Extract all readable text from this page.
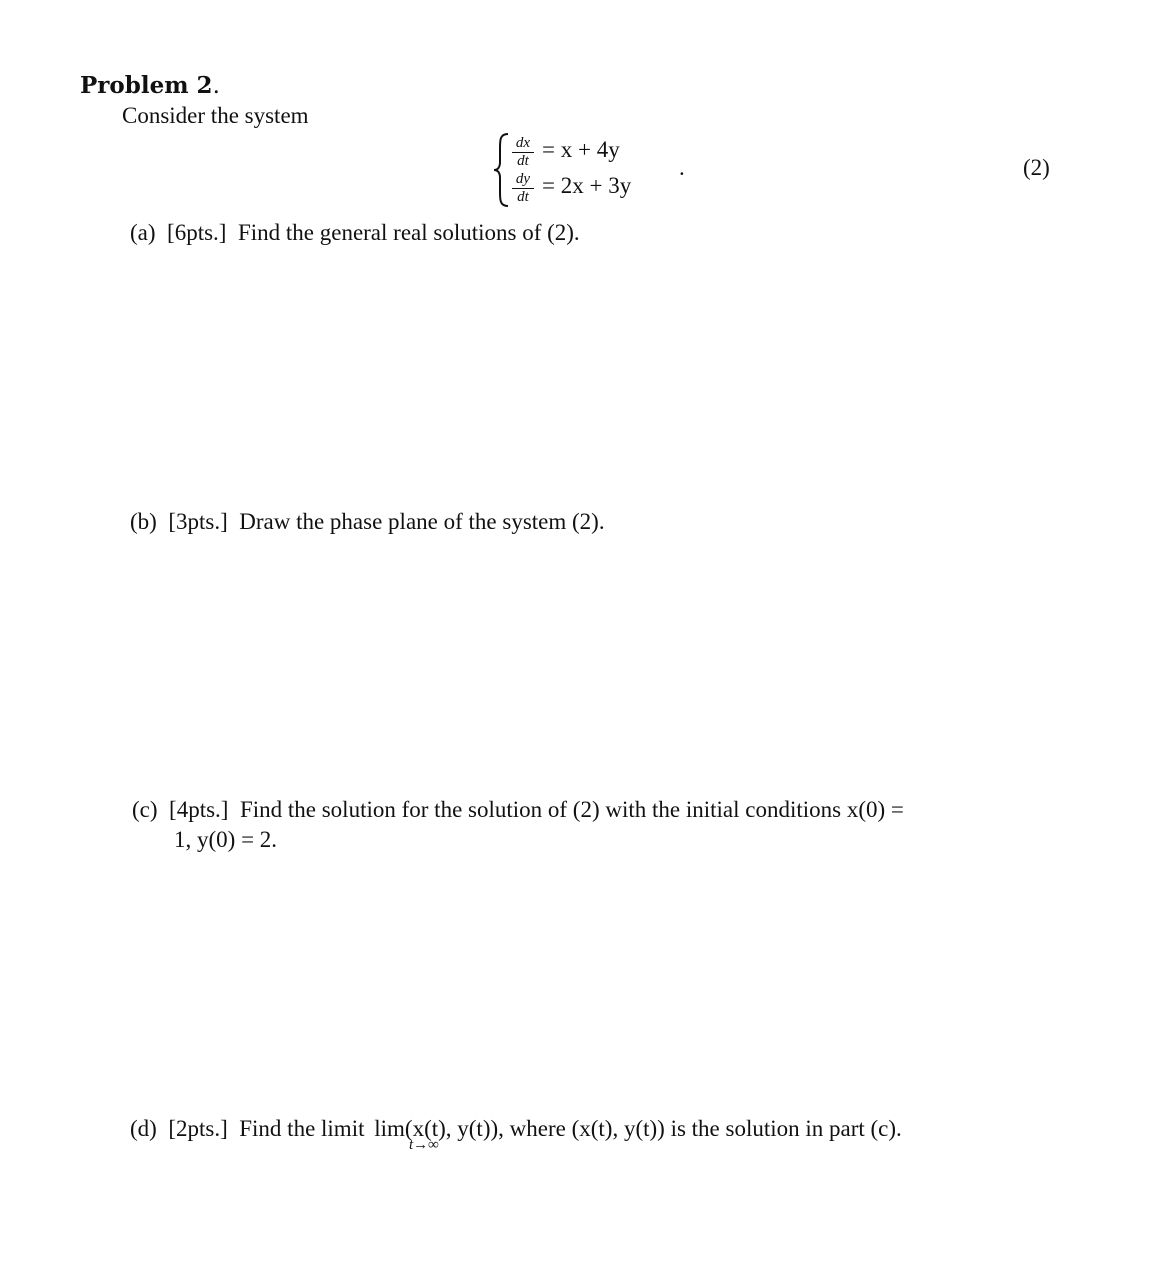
Problem 2.
Consider the system
dx
dt = x + 4y
dy
dt = 2x + 3y
.	(2)
(a) [6pts.] Find the general real solutions of (2).
(b) [3pts.] Draw the phase plane of the system (2).
(c) [4pts.] Find the solution for the solution of (2) with the initial conditions x(0) =
1, y(0) = 2.
(d) [2pts.] Find the limit lim(x(t), y(t)), where (x(t), y(t)) is the solution in part (c).
t→∞
